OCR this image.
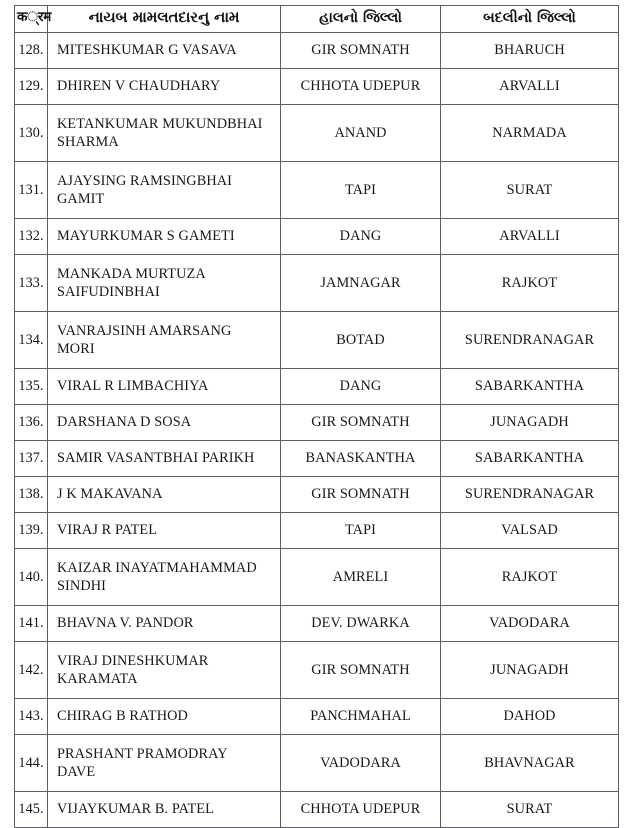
क્रम	નાયબ મામલતદારનુ નામ	હાલનો જિલ્લો	બદલીનો જિલ્લો
128.	MITESHKUMAR G VASAVA	GIR SOMNATH	BHARUCH
129.	DHIREN V CHAUDHARY	CHHOTA UDEPUR	ARVALLI
130.	KETANKUMAR MUKUNDBHAI
SHARMA	ANAND	NARMADA
131.	AJAYSING RAMSINGBHAI
GAMIT	TAPI	SURAT
132.	MAYURKUMAR S GAMETI	DANG	ARVALLI
133.	MANKADA MURTUZA
SAIFUDINBHAI	JAMNAGAR	RAJKOT
134.	VANRAJSINH AMARSANG
MORI	BOTAD	SURENDRANAGAR
135.	VIRAL R LIMBACHIYA	DANG	SABARKANTHA
136.	DARSHANA D SOSA	GIR SOMNATH	JUNAGADH
137.	SAMIR VASANTBHAI PARIKH	BANASKANTHA	SABARKANTHA
138.	J K MAKAVANA	GIR SOMNATH	SURENDRANAGAR
139.	VIRAJ R PATEL	TAPI	VALSAD
140.	KAIZAR INAYATMAHAMMAD
SINDHI	AMRELI	RAJKOT
141.	BHAVNA V. PANDOR	DEV. DWARKA	VADODARA
142.	VIRAJ DINESHKUMAR
KARAMATA	GIR SOMNATH	JUNAGADH
143.	CHIRAG B RATHOD	PANCHMAHAL	DAHOD
144.	PRASHANT PRAMODRAY
DAVE	VADODARA	BHAVNAGAR
145.	VIJAYKUMAR B. PATEL	CHHOTA UDEPUR	SURAT
